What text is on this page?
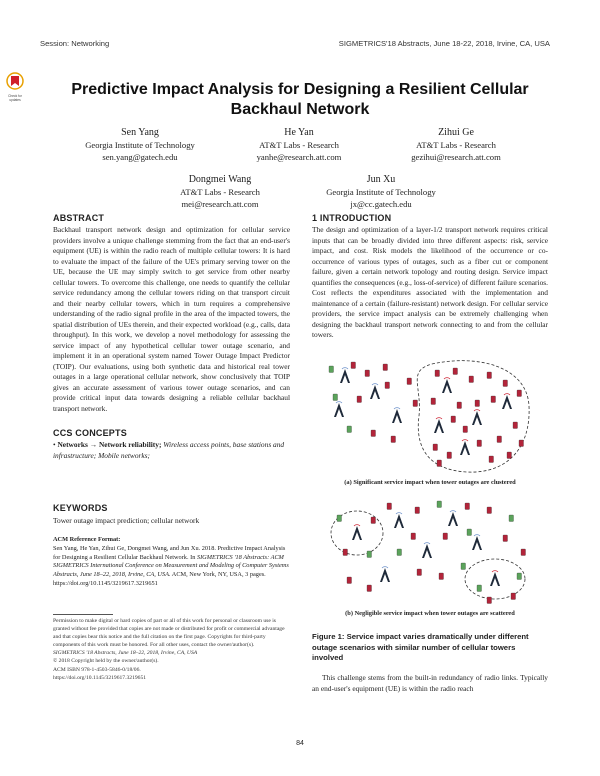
Session: Networking	SIGMETRICS'18 Abstracts, June 18-22, 2018, Irvine, CA, USA
Check for
updates
Predictive Impact Analysis for Designing a Resilient Cellular Backhaul Network
Sen Yang
Georgia Institute of Technology
sen.yang@gatech.edu
He Yan
AT&T Labs - Research
yanhe@research.att.com
Zihui Ge
AT&T Labs - Research
gezihui@research.att.com
Dongmei Wang
AT&T Labs - Research
mei@research.att.com
Jun Xu
Georgia Institute of Technology
jx@cc.gatech.edu
ABSTRACT
Backhaul transport network design and optimization for cellular service providers involve a unique challenge stemming from the fact that an end-user's equipment (UE) is within the radio reach of multiple cellular towers: It is hard to evaluate the impact of the failure of the UE's primary serving tower on the UE, because the UE may simply switch to get service from other nearby cellular towers. To overcome this challenge, one needs to quantify the cellular service redundancy among the cellular towers riding on that transport circuit and their nearby cellular towers, which in turn requires a comprehensive understanding of the radio signal profile in the area of the impacted towers, the spatial distribution of UEs therein, and their expected workload (e.g., calls, data throughput). In this work, we develop a novel methodology for assessing the service impact of any hypothetical cellular tower outage scenario, and implement it in an operational system named Tower Outage Impact Predictor (TOIP). Our evaluations, using both synthetic data and historical real tower outages in a large operational cellular network, show conclusively that TOIP gives an accurate assessment of various tower outage scenarios, and can provide critical input data towards designing a reliable cellular backhaul transport network.
CCS CONCEPTS
• Networks → Network reliability; Wireless access points, base stations and infrastructure; Mobile networks;
KEYWORDS
Tower outage impact prediction; cellular network
ACM Reference Format:
Sen Yang, He Yan, Zihui Ge, Dongmei Wang, and Jun Xu. 2018. Predictive Impact Analysis for Designing a Resilient Cellular Backhaul Network. In SIGMETRICS '18 Abstracts: ACM SIGMETRICS International Conference on Measurement and Modeling of Computer Systems Abstracts, June 18–22, 2018, Irvine, CA, USA. ACM, New York, NY, USA, 3 pages. https://doi.org/10.1145/3219617.3219651
Permission to make digital or hard copies of part or all of this work for personal or classroom use is granted without fee provided that copies are not made or distributed for profit or commercial advantage and that copies bear this notice and the full citation on the first page. Copyrights for third-party components of this work must be honored. For all other uses, contact the owner/author(s).
SIGMETRICS '18 Abstracts, June 18–22, 2018, Irvine, CA, USA
© 2018 Copyright held by the owner/author(s).
ACM ISBN 978-1-4503-5846-0/18/06.
https://doi.org/10.1145/3219617.3219651
1 INTRODUCTION
The design and optimization of a layer-1/2 transport network requires critical inputs that can be broadly divided into three different aspects: risk, service impact, and cost. Risk models the likelihood of the occurrence or co-occurrence of various types of outages, such as a fiber cut or component failure, given a certain network topology and routing design. Service impact quantifies the consequences (e.g., loss-of-service) of different failure scenarios. Cost reflects the expenditures associated with the implementation and maintenance of a certain (failure-resistant) network design. For cellular service providers, the service impact analysis can be extremely challenging when designing the backhaul transport network connecting to and from the cellular towers.
(a) Significant service impact when tower outages are clustered
(b) Negligible service impact when tower outages are scattered
Figure 1: Service impact varies dramatically under different outage scenarios with similar number of cellular towers involved
This challenge stems from the built-in redundancy of radio links. Typically an end-user's equipment (UE) is within the radio reach
84
